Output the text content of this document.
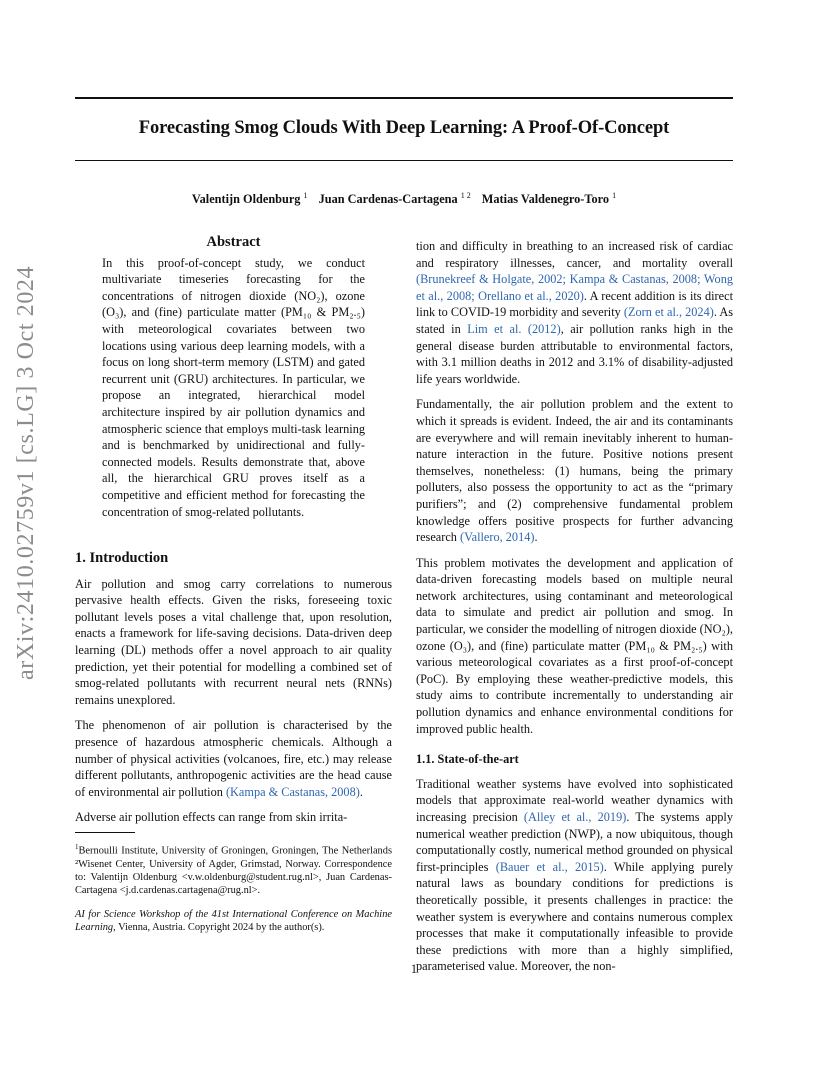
arXiv:2410.02759v1 [cs.LG] 3 Oct 2024
Forecasting Smog Clouds With Deep Learning: A Proof-Of-Concept
Valentijn Oldenburg $^1$ Juan Cardenas-Cartagena $^{1 2}$ Matias Valdenegro-Toro $^1$
Abstract
In this proof-of-concept study, we conduct multivariate timeseries forecasting for the concentrations of nitrogen dioxide (NO₂), ozone (O₃), and (fine) particulate matter (PM₁₀ & PM₂.₅) with meteorological covariates between two locations using various deep learning models, with a focus on long short-term memory (LSTM) and gated recurrent unit (GRU) architectures. In particular, we propose an integrated, hierarchical model architecture inspired by air pollution dynamics and atmospheric science that employs multi-task learning and is benchmarked by unidirectional and fully-connected models. Results demonstrate that, above all, the hierarchical GRU proves itself as a competitive and efficient method for forecasting the concentration of smog-related pollutants.
1. Introduction

Air pollution and smog carry correlations to numerous pervasive health effects. Given the risks, foreseeing toxic pollutant levels poses a vital challenge that, upon resolution, enacts a framework for life-saving decisions. Data-driven deep learning (DL) methods offer a novel approach to air quality prediction, yet their potential for modelling a combined set of smog-related pollutants with recurrent neural nets (RNNs) remains unexplored.

The phenomenon of air pollution is characterised by the presence of hazardous atmospheric chemicals. Although a number of physical activities (volcanoes, fire, etc.) may release different pollutants, anthropogenic activities are the head cause of environmental air pollution (Kampa & Castanas, 2008).

Adverse air pollution effects can range from skin irrita-

$^1$Bernoulli Institute, University of Groningen, Groningen, The Netherlands ²Wisenet Center, University of Agder, Grimstad, Norway. Correspondence to: Valentijn Oldenburg <v.w.oldenburg@student.rug.nl>, Juan Cardenas-Cartagena <j.d.cardenas.cartagena@rug.nl>.
AI for Science Workshop of the 41st International Conference on Machine Learning, Vienna, Austria. Copyright 2024 by the author(s).

tion and difficulty in breathing to an increased risk of cardiac and respiratory illnesses, cancer, and mortality overall (Brunekreef & Holgate, 2002; Kampa & Castanas, 2008; Wong et al., 2008; Orellano et al., 2020). A recent addition is its direct link to COVID-19 morbidity and severity (Zorn et al., 2024). As stated in Lim et al. (2012), air pollution ranks high in the general disease burden attributable to environmental factors, with 3.1 million deaths in 2012 and 3.1% of disability-adjusted life years worldwide.

Fundamentally, the air pollution problem and the extent to which it spreads is evident. Indeed, the air and its contaminants are everywhere and will remain inevitably inherent to human-nature interaction in the future. Positive notions present themselves, nonetheless: (1) humans, being the primary polluters, also possess the opportunity to act as the “primary purifiers”; and (2) comprehensive fundamental problem knowledge offers positive prospects for further advancing research (Vallero, 2014).

This problem motivates the development and application of data-driven forecasting models based on multiple neural network architectures, using contaminant and meteorological data to simulate and predict air pollution and smog. In particular, we consider the modelling of nitrogen dioxide (NO₂), ozone (O₃), and (fine) particulate matter (PM₁₀ & PM₂.₅) with various meteorological covariates as a first proof-of-concept (PoC). By employing these weather-predictive models, this study aims to contribute incrementally to understanding air pollution dynamics and enhance environmental conditions for improved public health.

1.1. State-of-the-art

Traditional weather systems have evolved into sophisticated models that approximate real-world weather dynamics with increasing precision (Alley et al., 2019). The systems apply numerical weather prediction (NWP), a now ubiquitous, though computationally costly, numerical method grounded on physical first-principles (Bauer et al., 2015). While applying purely natural laws as boundary conditions for predictions is theoretically possible, it presents challenges in practice: the weather system is everywhere and contains numerous complex processes that make it computationally infeasible to provide these predictions with more than a highly simplified, parameterised value. Moreover, the non-

1
